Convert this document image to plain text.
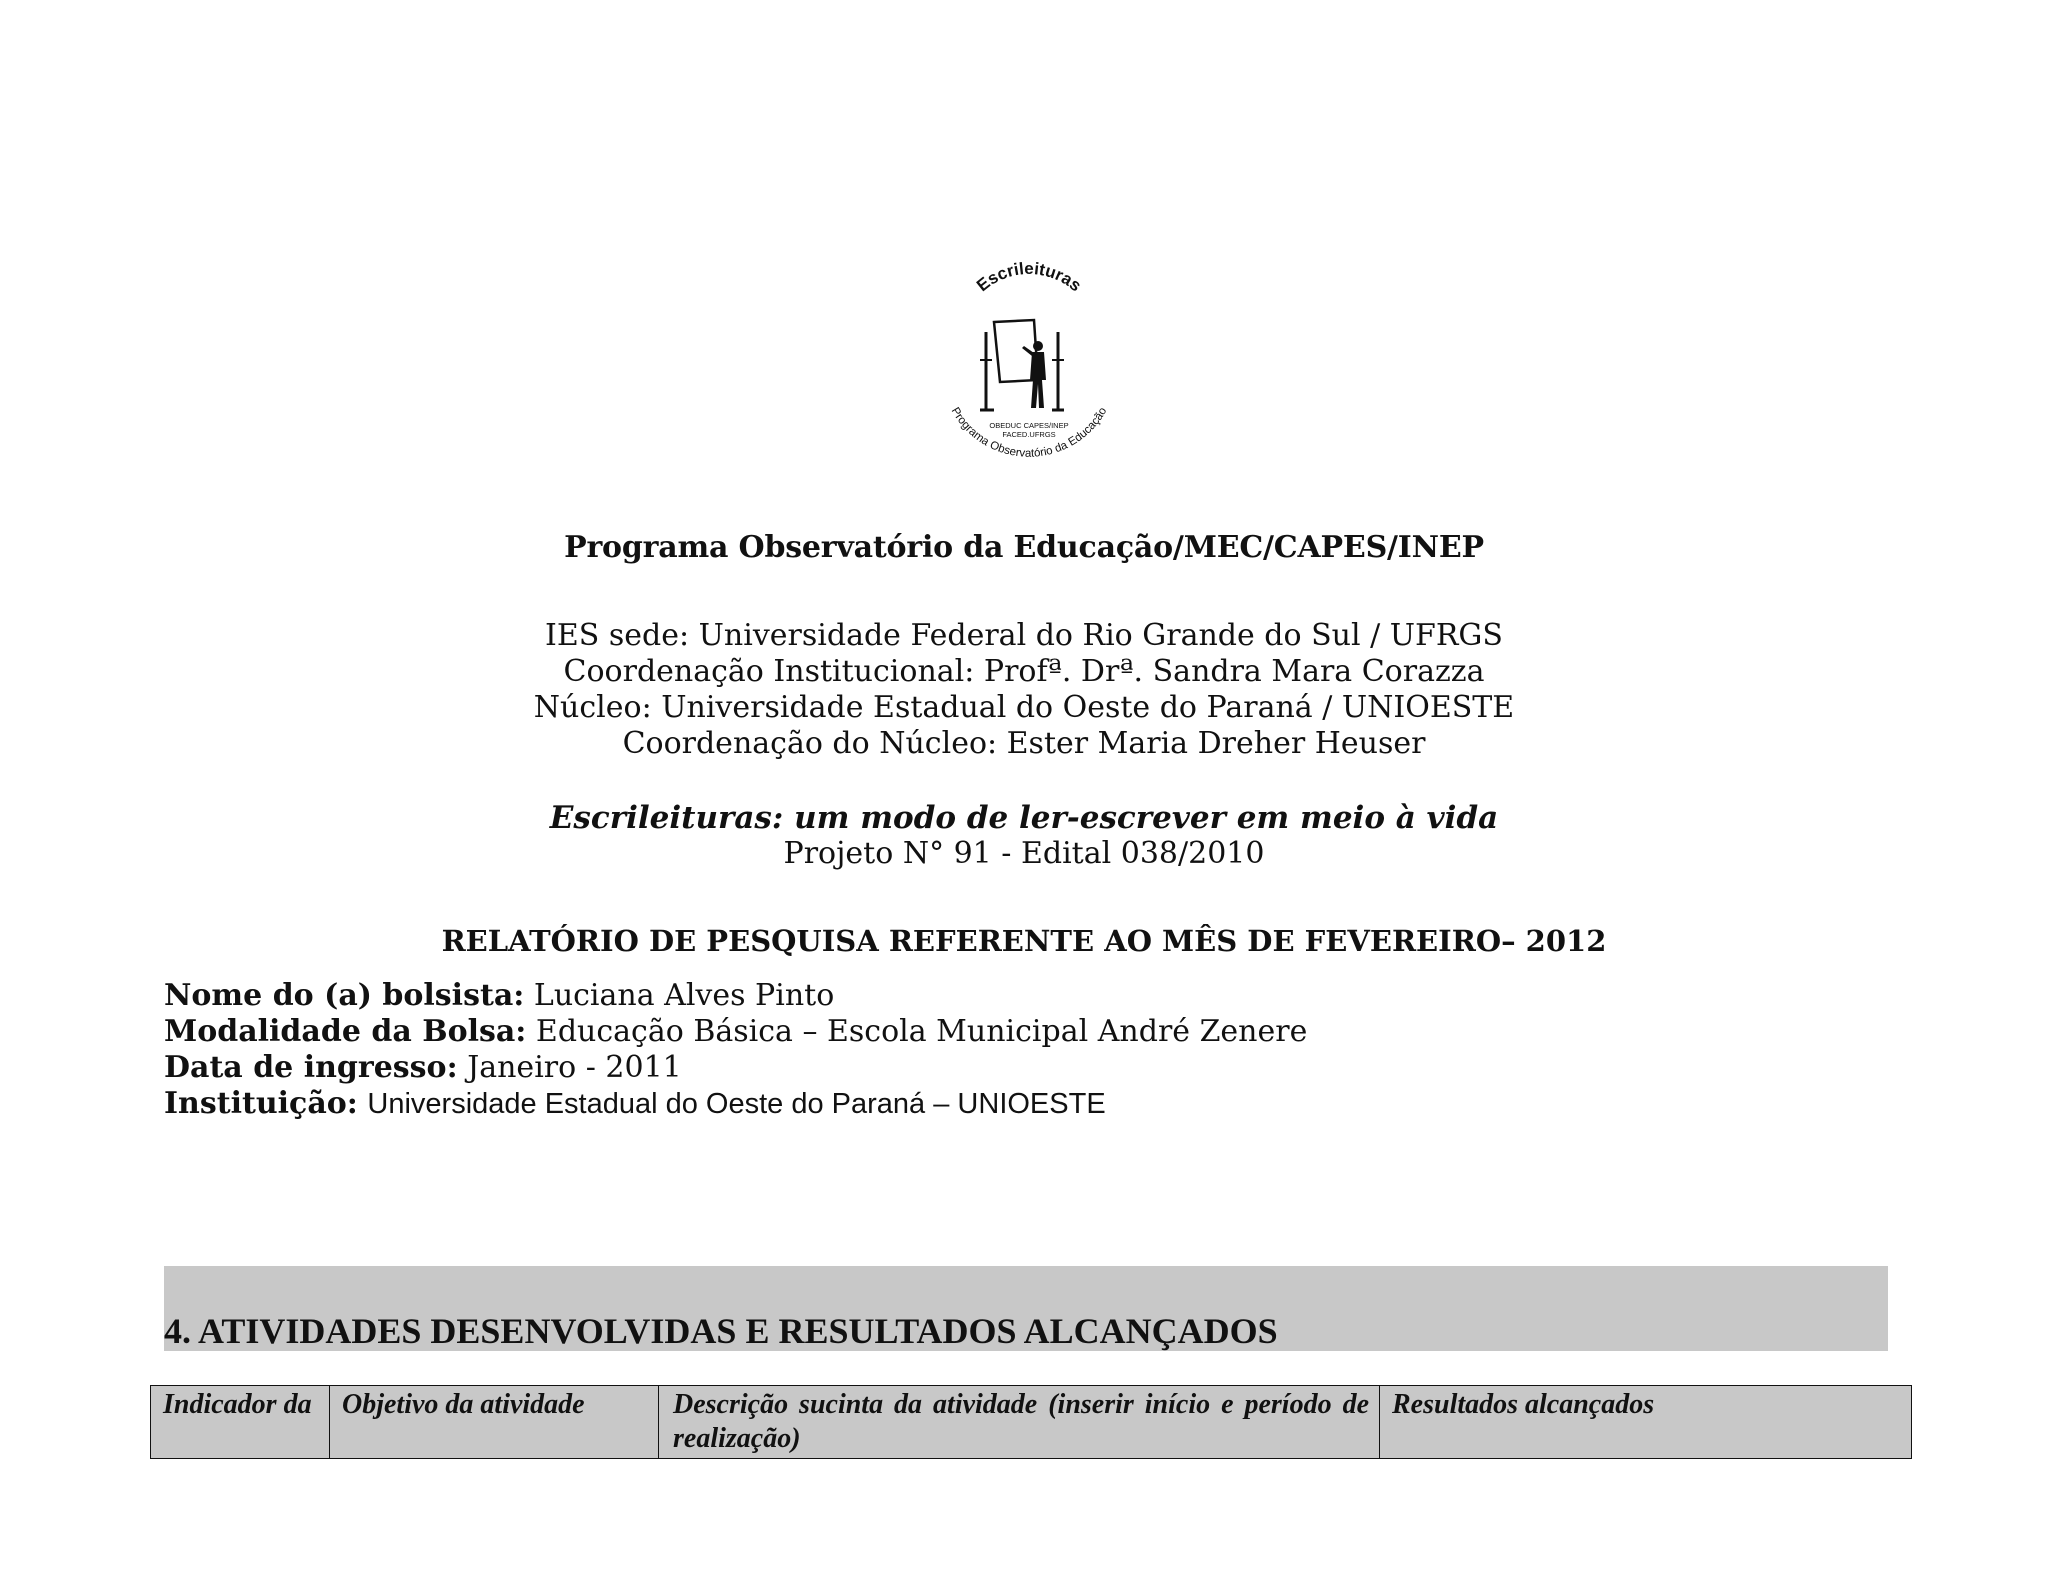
Escrileituras
OBEDUC CAPES/INEP
FACED.UFRGS
Programa Observatório da Educação
Programa Observatório da Educação/MEC/CAPES/INEP
IES sede: Universidade Federal do Rio Grande do Sul / UFRGS
Coordenação Institucional: Profª. Drª. Sandra Mara Corazza
Núcleo: Universidade Estadual do Oeste do Paraná / UNIOESTE
Coordenação do Núcleo: Ester Maria Dreher Heuser
Escrileituras: um modo de ler-escrever em meio à vida
Projeto N° 91 - Edital 038/2010
RELATÓRIO DE PESQUISA REFERENTE AO MÊS DE FEVEREIRO– 2012
Nome do (a) bolsista: Luciana Alves Pinto
Modalidade da Bolsa: Educação Básica – Escola Municipal André Zenere
Data de ingresso: Janeiro - 2011
Instituição: Universidade Estadual do Oeste do Paraná – UNIOESTE
4. ATIVIDADES DESENVOLVIDAS E RESULTADOS ALCANÇADOS
Indicador da	Objetivo da atividade	Descrição sucinta da atividade (inserir início e período de realização)	Resultados alcançados
